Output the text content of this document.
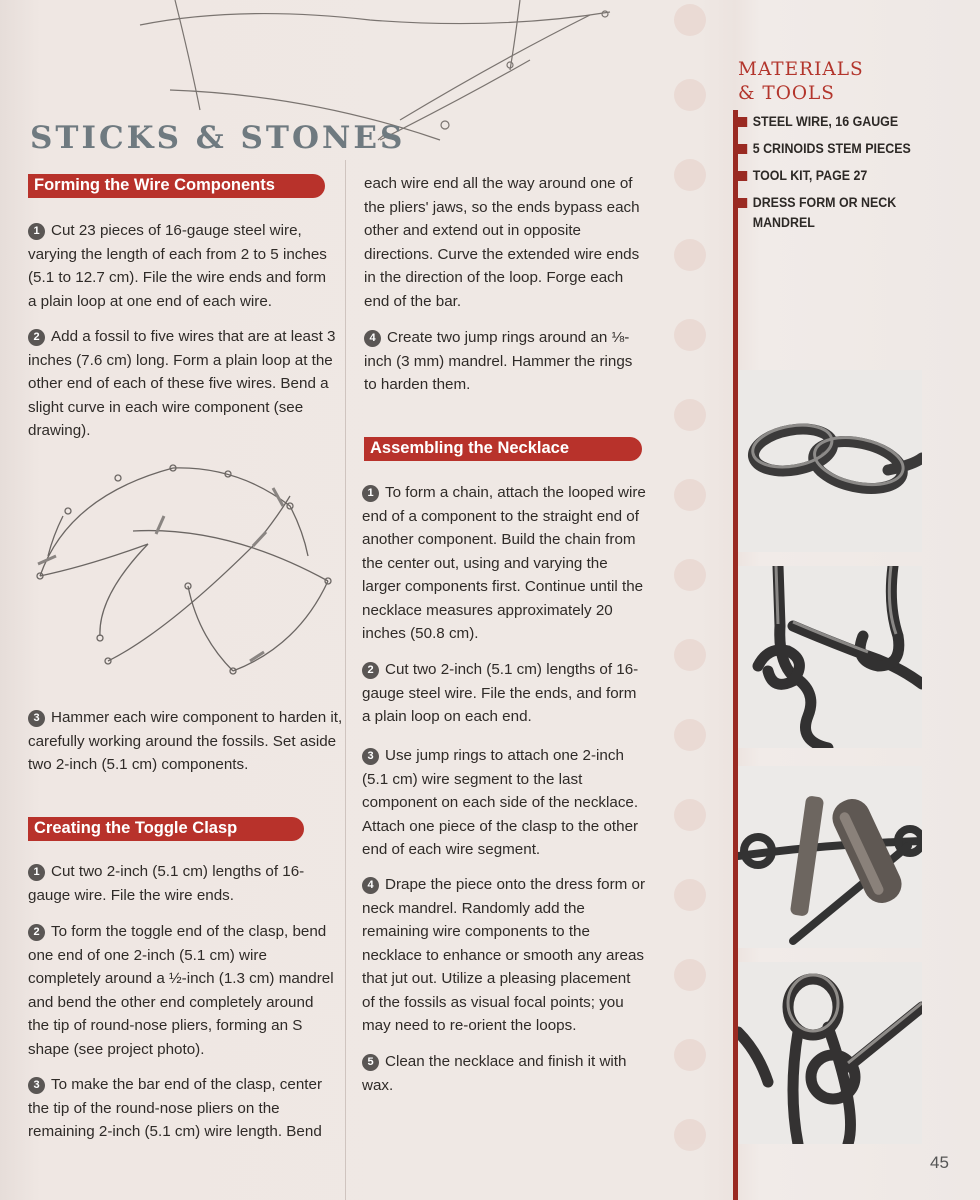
STICKS & STONES
Forming the Wire Components
1 Cut 23 pieces of 16-gauge steel wire, varying the length of each from 2 to 5 inches (5.1 to 12.7 cm). File the wire ends and form a plain loop at one end of each wire.
2 Add a fossil to five wires that are at least 3 inches (7.6 cm) long. Form a plain loop at the other end of each of these five wires. Bend a slight curve in each wire component (see drawing).
3 Hammer each wire component to harden it, carefully working around the fossils. Set aside two 2-inch (5.1 cm) components.
Creating the Toggle Clasp
1 Cut two 2-inch (5.1 cm) lengths of 16-gauge wire. File the wire ends.
2 To form the toggle end of the clasp, bend one end of one 2-inch (5.1 cm) wire completely around a ½-inch (1.3 cm) mandrel and bend the other end completely around the tip of round-nose pliers, forming an S shape (see project photo).
3 To make the bar end of the clasp, center the tip of the round-nose pliers on the remaining 2-inch (5.1 cm) wire length. Bend
each wire end all the way around one of the pliers' jaws, so the ends bypass each other and extend out in opposite directions. Curve the extended wire ends in the direction of the loop. Forge each end of the bar.
4 Create two jump rings around an ⅛-inch (3 mm) mandrel. Hammer the rings to harden them.
Assembling the Necklace
1 To form a chain, attach the looped wire end of a component to the straight end of another component. Build the chain from the center out, using and varying the larger components first. Continue until the necklace measures approximately 20 inches (50.8 cm).
2 Cut two 2-inch (5.1 cm) lengths of 16-gauge steel wire. File the ends, and form a plain loop on each end.
3 Use jump rings to attach one 2-inch (5.1 cm) wire segment to the last component on each side of the necklace. Attach one piece of the clasp to the other end of each wire segment.
4 Drape the piece onto the dress form or neck mandrel. Randomly add the remaining wire components to the necklace to enhance or smooth any areas that jut out. Utilize a pleasing placement of the fossils as visual focal points; you may need to re-orient the loops.
5 Clean the necklace and finish it with wax.
MATERIALS
& TOOLS
STEEL WIRE, 16 GAUGE
5 CRINOIDS STEM PIECES
TOOL KIT, PAGE 27
DRESS FORM OR NECK MANDREL
45
